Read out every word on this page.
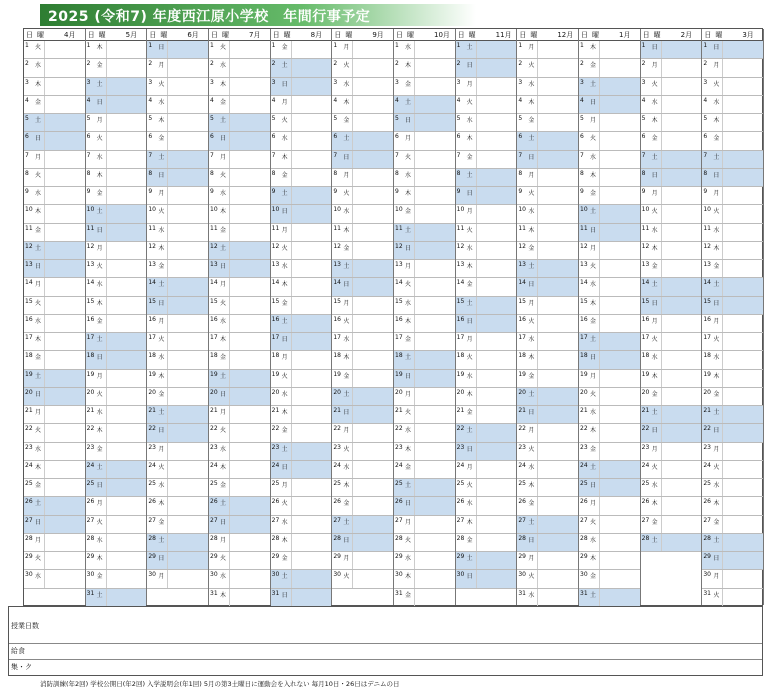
2025 (令和7) 年度西江原小学校　年間行事予定
日 曜	4月
1 火
2 水
3 木
4 金
5 土
6 日
7 月
8 火
9 水
10 木
11 金
12 土
13 日
14 月
15 火
16 水
17 木
18 金
19 土
20 日
21 月
22 火
23 水
24 木
25 金
26 土
27 日
28 月
29 火
30 水
日 曜	5月
1 木
2 金
3 土
4 日
5 月
6 火
7 水
8 木
9 金
10 土
11 日
12 月
13 火
14 水
15 木
16 金
17 土
18 日
19 月
20 火
21 水
22 木
23 金
24 土
25 日
26 月
27 火
28 水
29 木
30 金
31 土
日 曜	6月
1 日
2 月
3 火
4 水
5 木
6 金
7 土
8 日
9 月
10 火
11 水
12 木
13 金
14 土
15 日
16 月
17 火
18 水
19 木
20 金
21 土
22 日
23 月
24 火
25 水
26 木
27 金
28 土
29 日
30 月
日 曜	7月
1 火
2 水
3 木
4 金
5 土
6 日
7 月
8 火
9 水
10 木
11 金
12 土
13 日
14 月
15 火
16 水
17 木
18 金
19 土
20 日
21 月
22 火
23 水
24 木
25 金
26 土
27 日
28 月
29 火
30 水
31 木
日 曜	8月
1 金
2 土
3 日
4 月
5 火
6 水
7 木
8 金
9 土
10 日
11 月
12 火
13 水
14 木
15 金
16 土
17 日
18 月
19 火
20 水
21 木
22 金
23 土
24 日
25 月
26 火
27 水
28 木
29 金
30 土
31 日
日 曜	9月
1 月
2 火
3 水
4 木
5 金
6 土
7 日
8 月
9 火
10 水
11 木
12 金
13 土
14 日
15 月
16 火
17 水
18 木
19 金
20 土
21 日
22 月
23 火
24 水
25 木
26 金
27 土
28 日
29 月
30 火
日 曜	10月
1 水
2 木
3 金
4 土
5 日
6 月
7 火
8 水
9 木
10 金
11 土
12 日
13 月
14 火
15 水
16 木
17 金
18 土
19 日
20 月
21 火
22 水
23 木
24 金
25 土
26 日
27 月
28 火
29 水
30 木
31 金
日 曜	11月
1 土
2 日
3 月
4 火
5 水
6 木
7 金
8 土
9 日
10 月
11 火
12 水
13 木
14 金
15 土
16 日
17 月
18 火
19 水
20 木
21 金
22 土
23 日
24 月
25 火
26 水
27 木
28 金
29 土
30 日
日 曜	12月
1 月
2 火
3 水
4 木
5 金
6 土
7 日
8 月
9 火
10 水
11 木
12 金
13 土
14 日
15 月
16 火
17 水
18 木
19 金
20 土
21 日
22 月
23 火
24 水
25 木
26 金
27 土
28 日
29 月
30 火
31 水
日 曜	1月
1 木
2 金
3 土
4 日
5 月
6 火
7 水
8 木
9 金
10 土
11 日
12 月
13 火
14 水
15 木
16 金
17 土
18 日
19 月
20 火
21 水
22 木
23 金
24 土
25 日
26 月
27 火
28 水
29 木
30 金
31 土
日 曜	2月
1 日
2 月
3 火
4 水
5 木
6 金
7 土
8 日
9 月
10 火
11 水
12 木
13 金
14 土
15 日
16 月
17 火
18 水
19 木
20 金
21 土
22 日
23 月
24 火
25 水
26 木
27 金
28 土
日 曜	3月
1 日
2 月
3 火
4 水
5 木
6 金
7 土
8 日
9 月
10 火
11 水
12 木
13 金
14 土
15 日
16 月
17 火
18 水
19 木
20 金
21 土
22 日
23 月
24 火
25 水
26 木
27 金
28 土
29 日
30 月
31 火
授業日数
給食
集・ク
消防訓練(年2回) 学校公開日(年2回) 入学説明会(年1回) 5月の第3土曜日に運動会を入れない 毎月10日・26日はデニムの日
